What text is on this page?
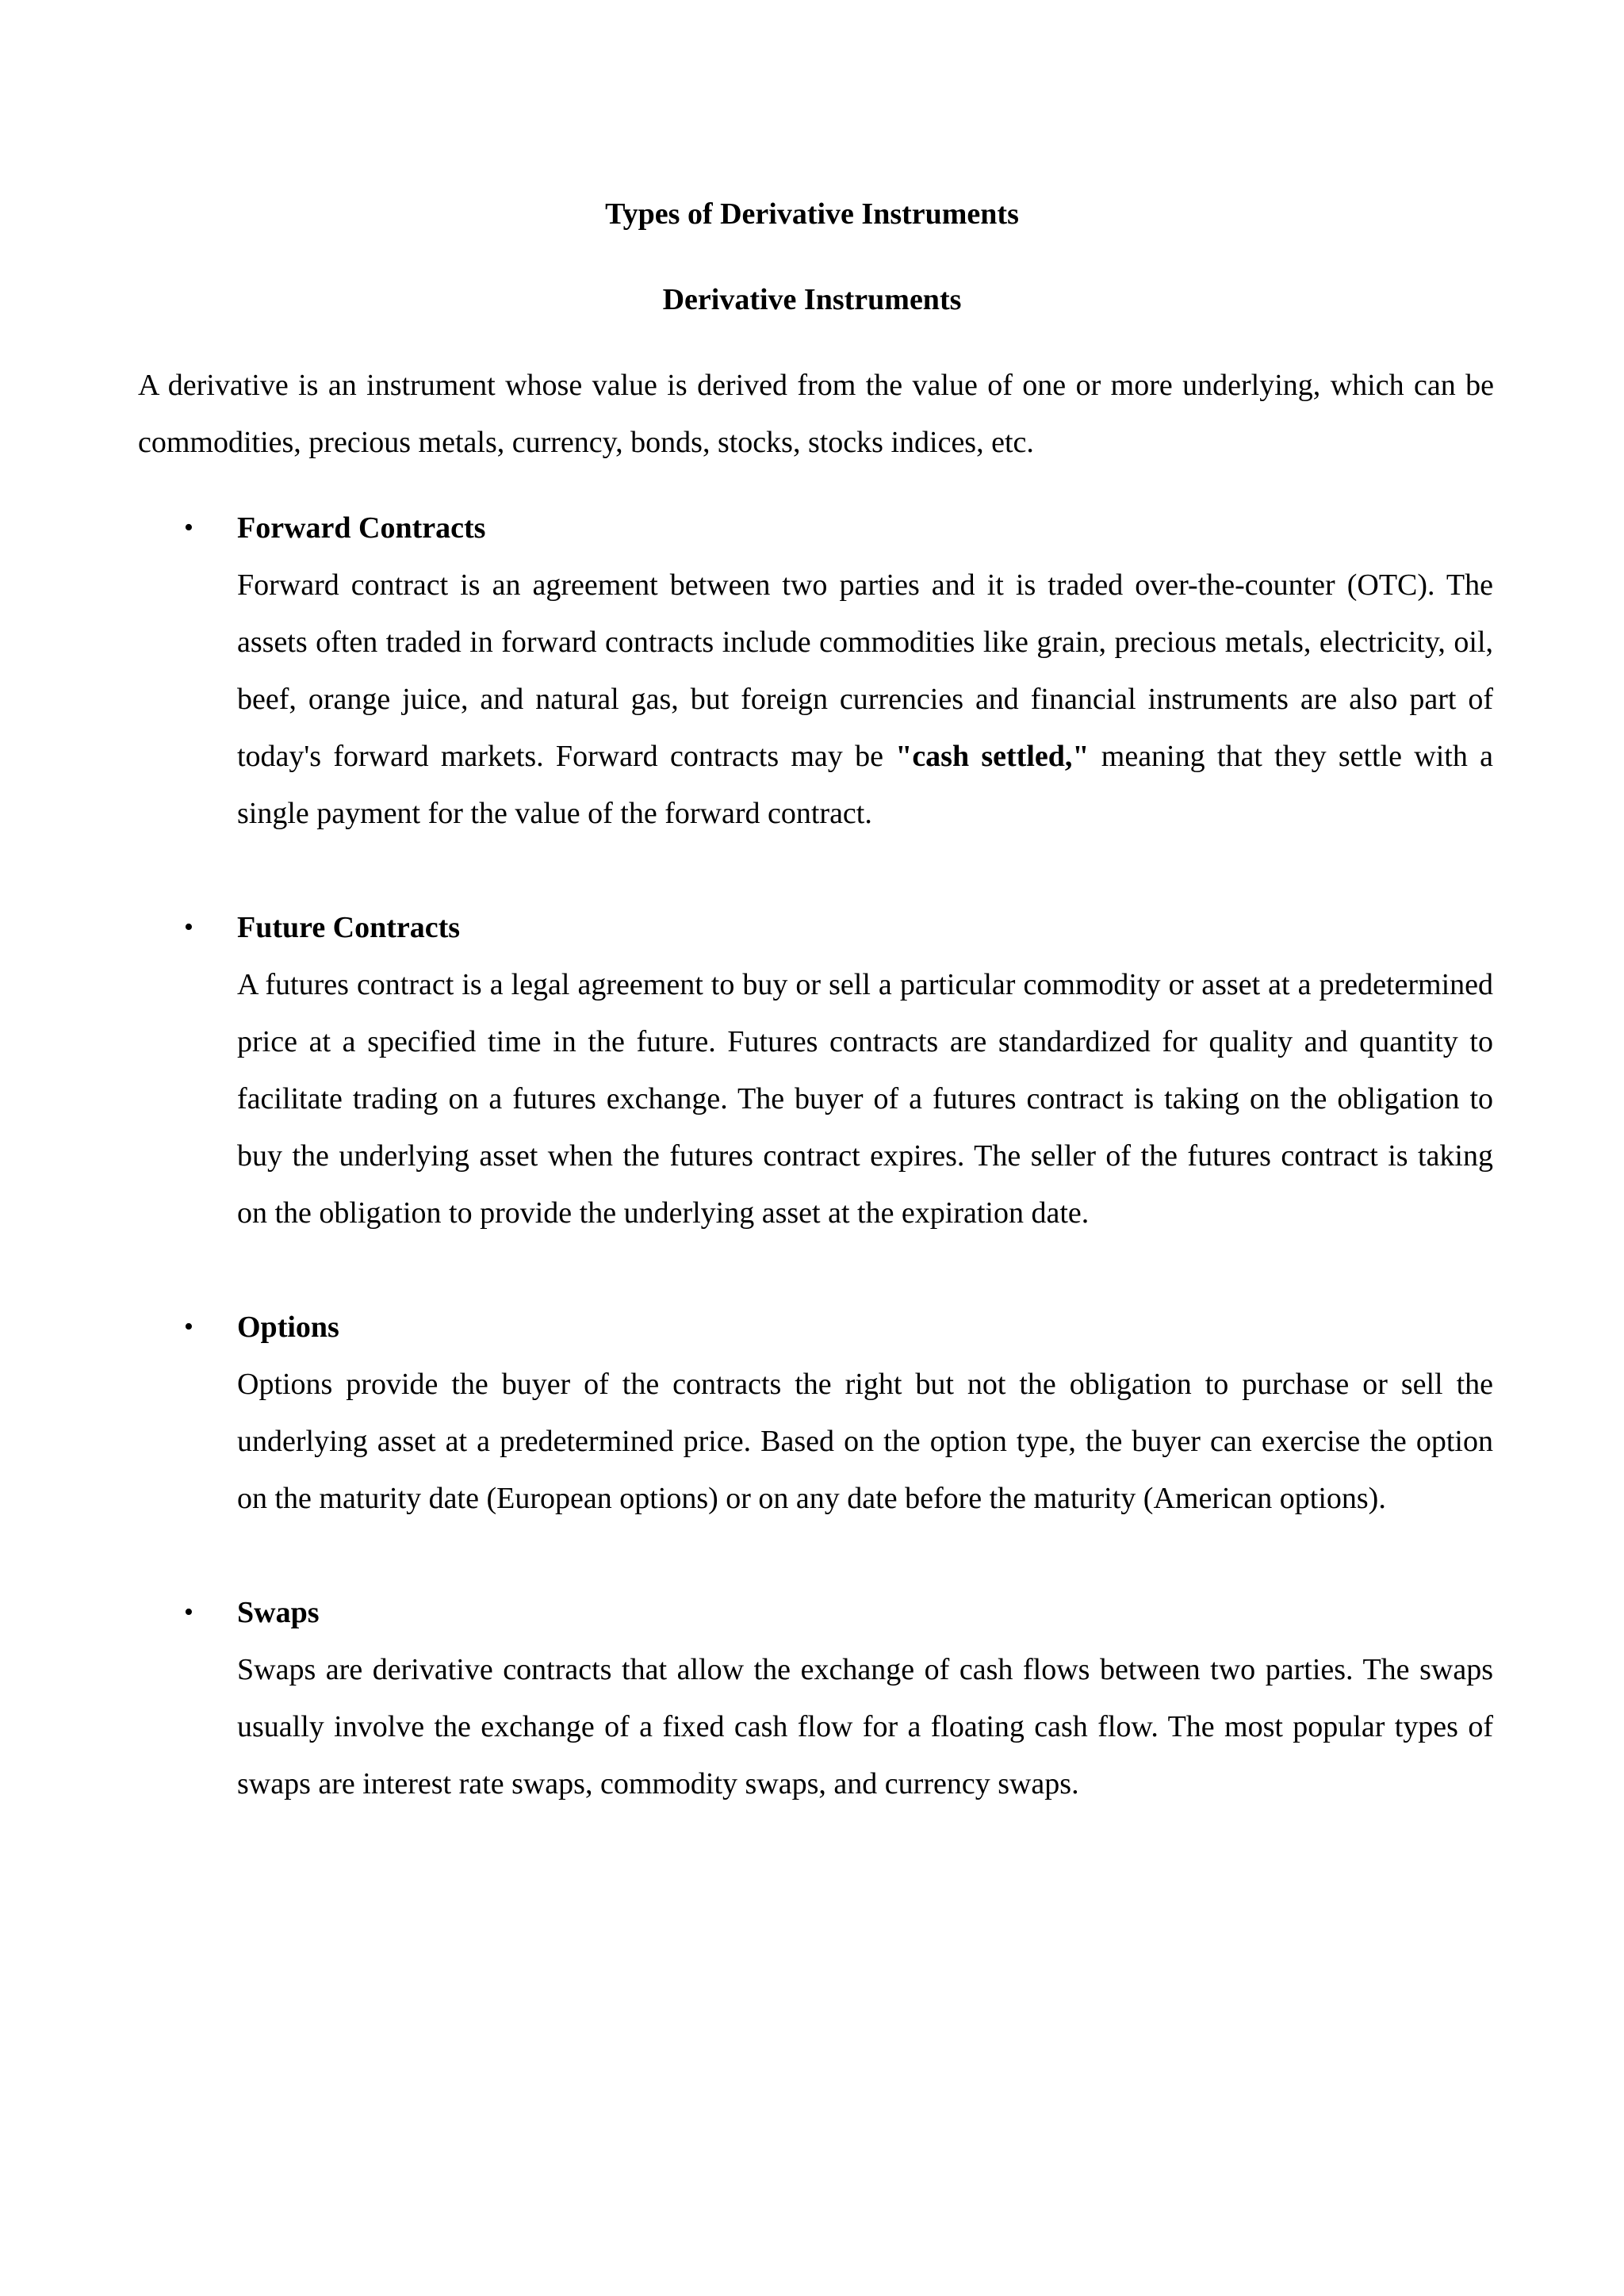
Types of Derivative Instruments
Derivative Instruments

A derivative is an instrument whose value is derived from the value of one or more underlying, which can be commodities, precious metals, currency, bonds, stocks, stocks indices, etc.

• Forward Contracts

Forward contract is an agreement between two parties and it is traded over-the-counter (OTC). The assets often traded in forward contracts include commodities like grain, precious metals, electricity, oil, beef, orange juice, and natural gas, but foreign currencies and financial instruments are also part of today's forward markets. Forward contracts may be "cash settled," meaning that they settle with a single payment for the value of the forward contract.

• Future Contracts

A futures contract is a legal agreement to buy or sell a particular commodity or asset at a predetermined price at a specified time in the future. Futures contracts are standardized for quality and quantity to facilitate trading on a futures exchange. The buyer of a futures contract is taking on the obligation to buy the underlying asset when the futures contract expires. The seller of the futures contract is taking on the obligation to provide the underlying asset at the expiration date.

• Options

Options provide the buyer of the contracts the right but not the obligation to purchase or sell the underlying asset at a predetermined price. Based on the option type, the buyer can exercise the option on the maturity date (European options) or on any date before the maturity (American options).

• Swaps

Swaps are derivative contracts that allow the exchange of cash flows between two parties. The swaps usually involve the exchange of a fixed cash flow for a floating cash flow. The most popular types of swaps are interest rate swaps, commodity swaps, and currency swaps.
